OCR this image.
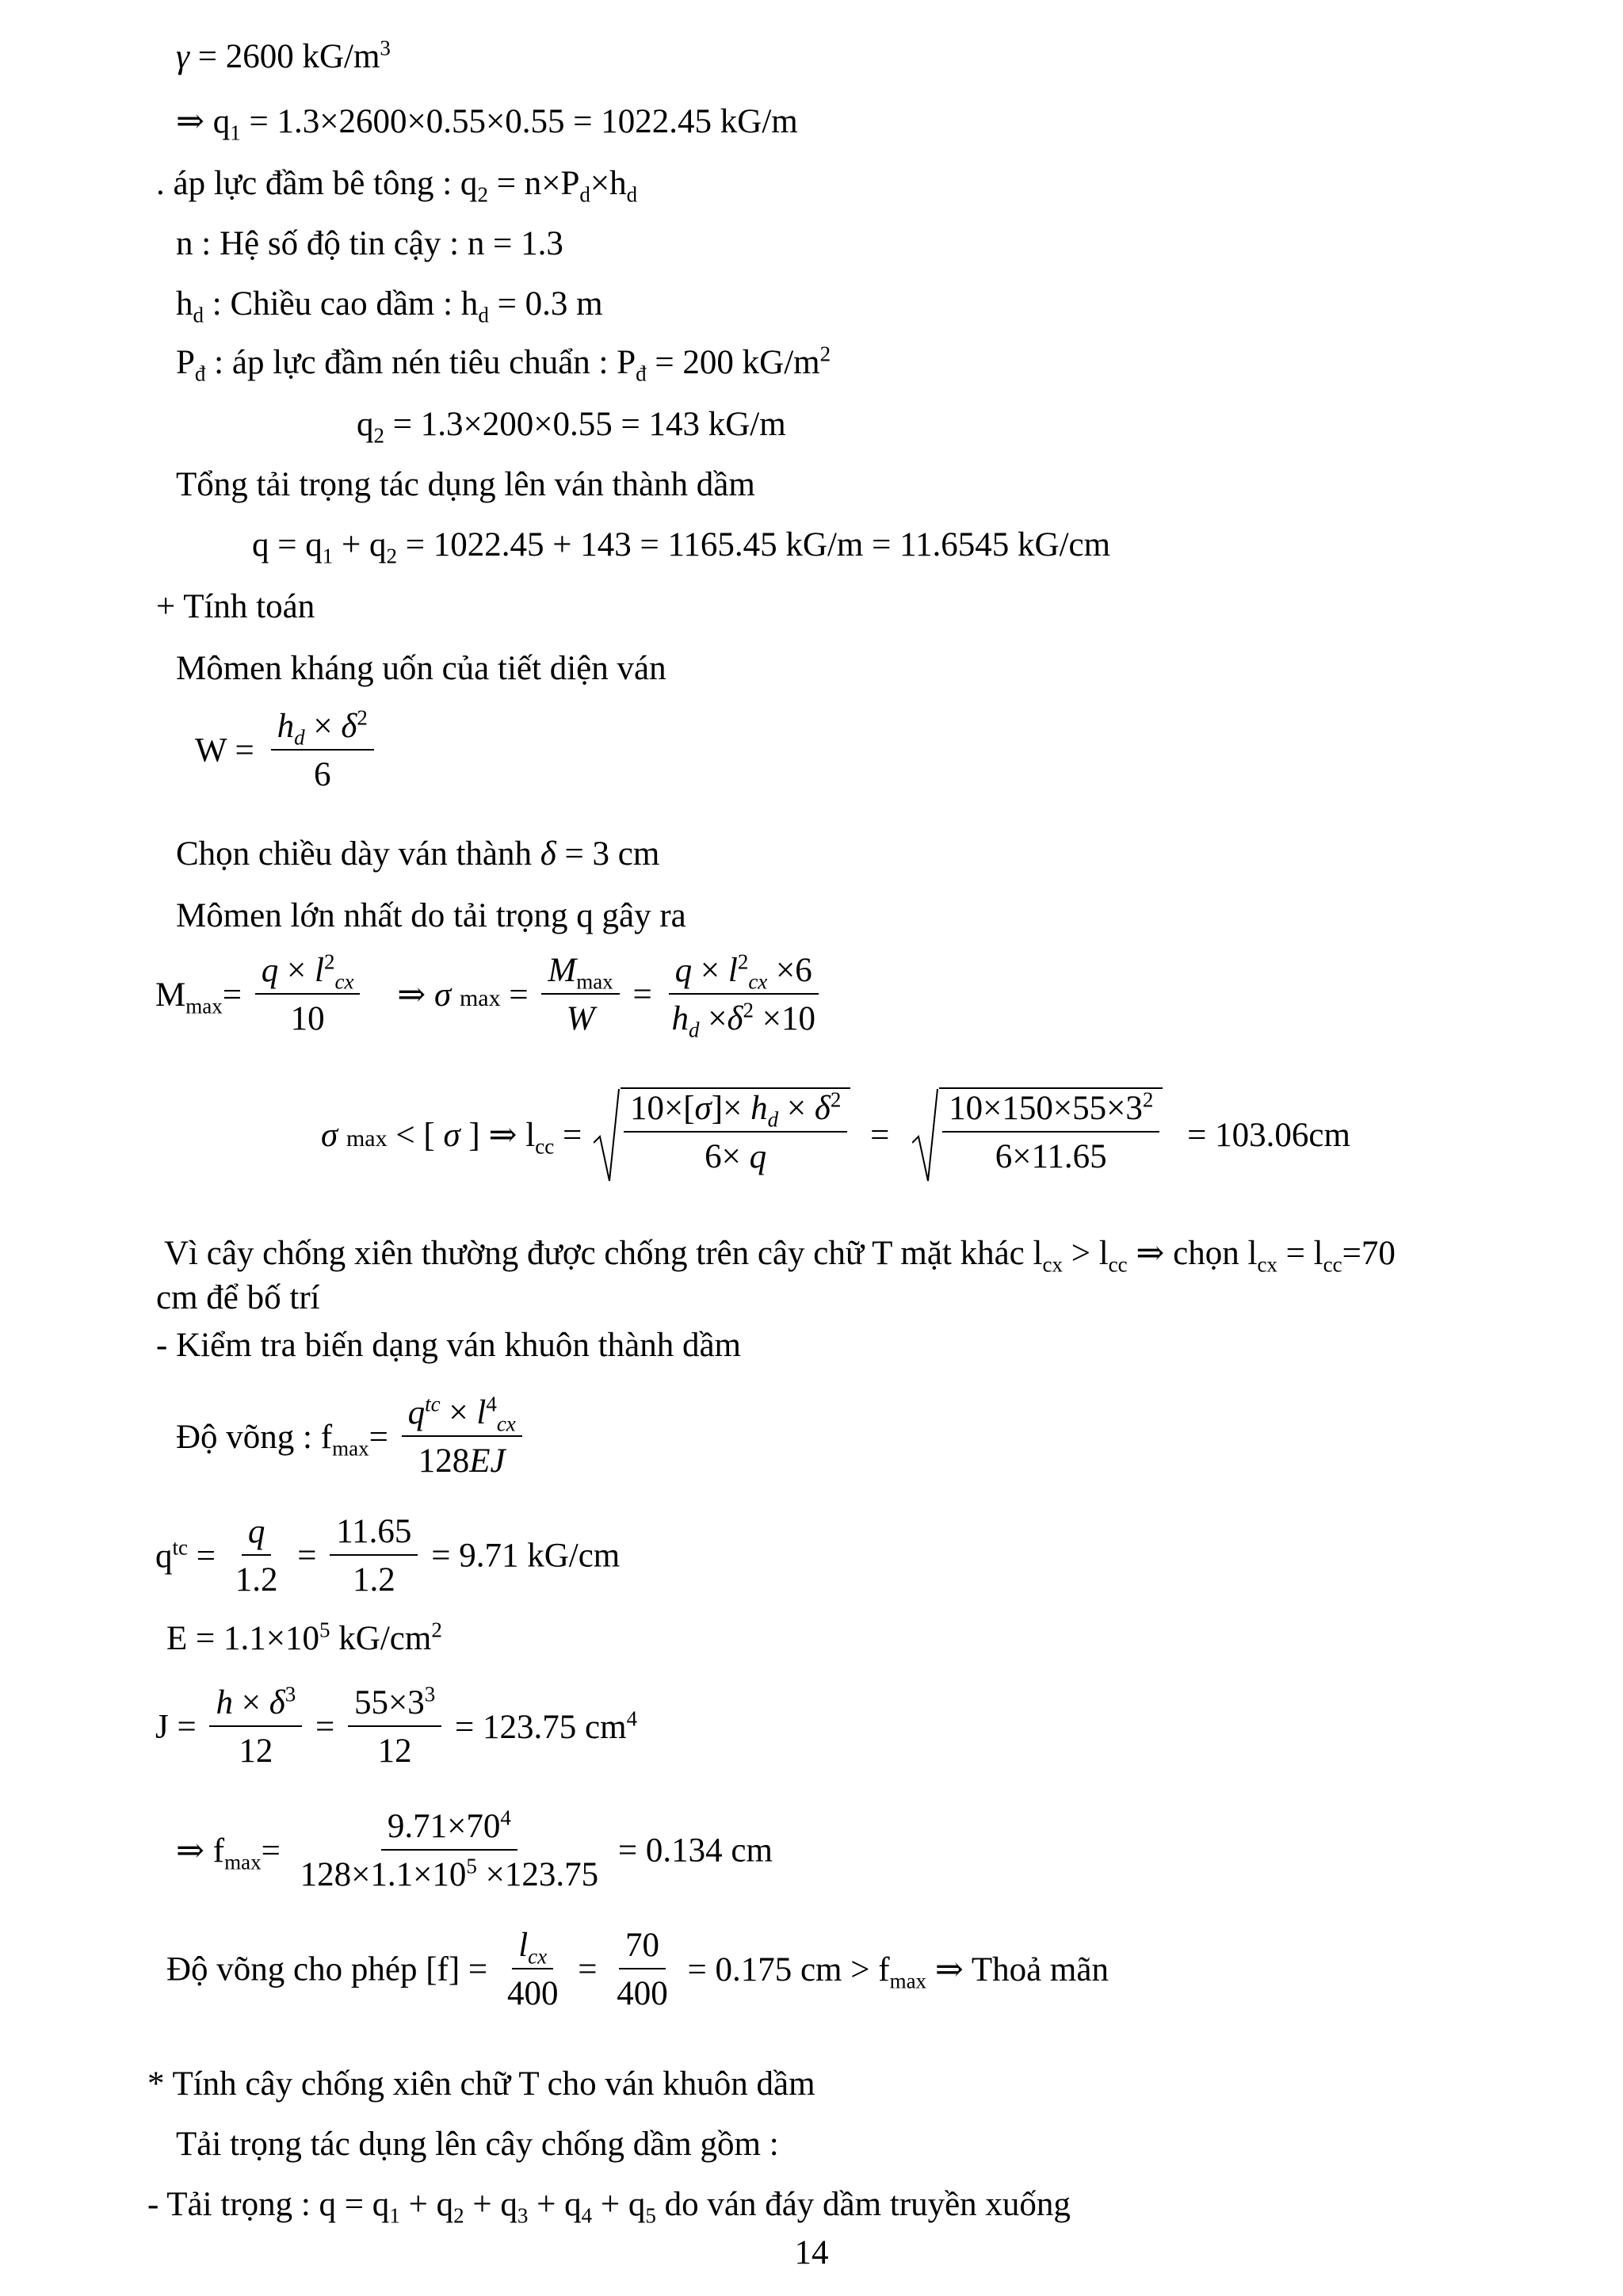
γ = 2600 $kG/m^3$
⇒ $q_1 = 1.3\times 2600\times 0.55\times 0.55 = 1022.45$ kG/m
. áp lực đầm bê tông : $q_2 = n\times P_d\times h_d$
n : Hệ số độ tin cậy : n = 1.3
$h_d$ : Chiều cao dầm : $h_d = 0.3$ m
$P_đ$ : áp lực đầm nén tiêu chuẩn : $P_đ = 200$ $kG/m^2$
$q_2 = 1.3\times 200\times 0.55 = 143$ kG/m
Tổng tải trọng tác dụng lên ván thành dầm
$q = q_1 + q_2 = 1022.45 + 143 = 1165.45$ kG/m = 11.6545 kG/cm
+ Tính toán
Mômen kháng uốn của tiết diện ván
$W = \frac{h_d \times \delta^2}{6}$
Chọn chiều dày ván thành δ = 3 cm
Mômen lớn nhất do tải trọng q gây ra
$M_{max}= \frac{q \times l^2_{cx}}{10}$ ⇒ σ $\max = \frac{M_{max}}{W} = \frac{q \times l^2_{cx} \times 6}{h_d \times\delta^2 \times 10}$
σ max < [ σ ] ⇒ $l_{cc} = \frac{10\times[\sigma]\times h_d \times \delta^2}{6\times q} = \frac{10\times 150\times 55\times 3^2}{6\times 11.65} = 103.06cm$
Vì cây chống xiên thường được chống trên cây chữ T mặt khác $l_{cx} > l_{cc}$ ⇒ chọn $l_{cx} = l_{cc}=70$
cm để bố trí
- Kiểm tra biến dạng ván khuôn thành dầm
Độ võng : $f_{max}= \frac{q^{tc} \times l^4_{cx}}{128EJ}$
$q^{tc} = \frac{q}{1.2} = \frac{11.65}{1.2} = 9.71$ kG/cm
$E = 1.1\times 10^5$ $kG/cm^2$
$J = \frac{h \times \delta^3}{12} = \frac{55\times 3^3}{12} = 123.75$ $cm^4$
⇒ $f_{max}= \frac{9.71\times 70^4}{128\times 1.1\times 10^5 \times 123.75} = 0.134$ cm
Độ võng cho phép $[f] = \frac{l_{cx}}{400} = \frac{70}{400} = 0.175$ cm > $f_{max}$ ⇒ Thoả mãn
* Tính cây chống xiên chữ T cho ván khuôn dầm
Tải trọng tác dụng lên cây chống dầm gồm :
- Tải trọng : $q = q_1 + q_2 + q_3 + q_4 + q_5$ do ván đáy dầm truyền xuống
14
